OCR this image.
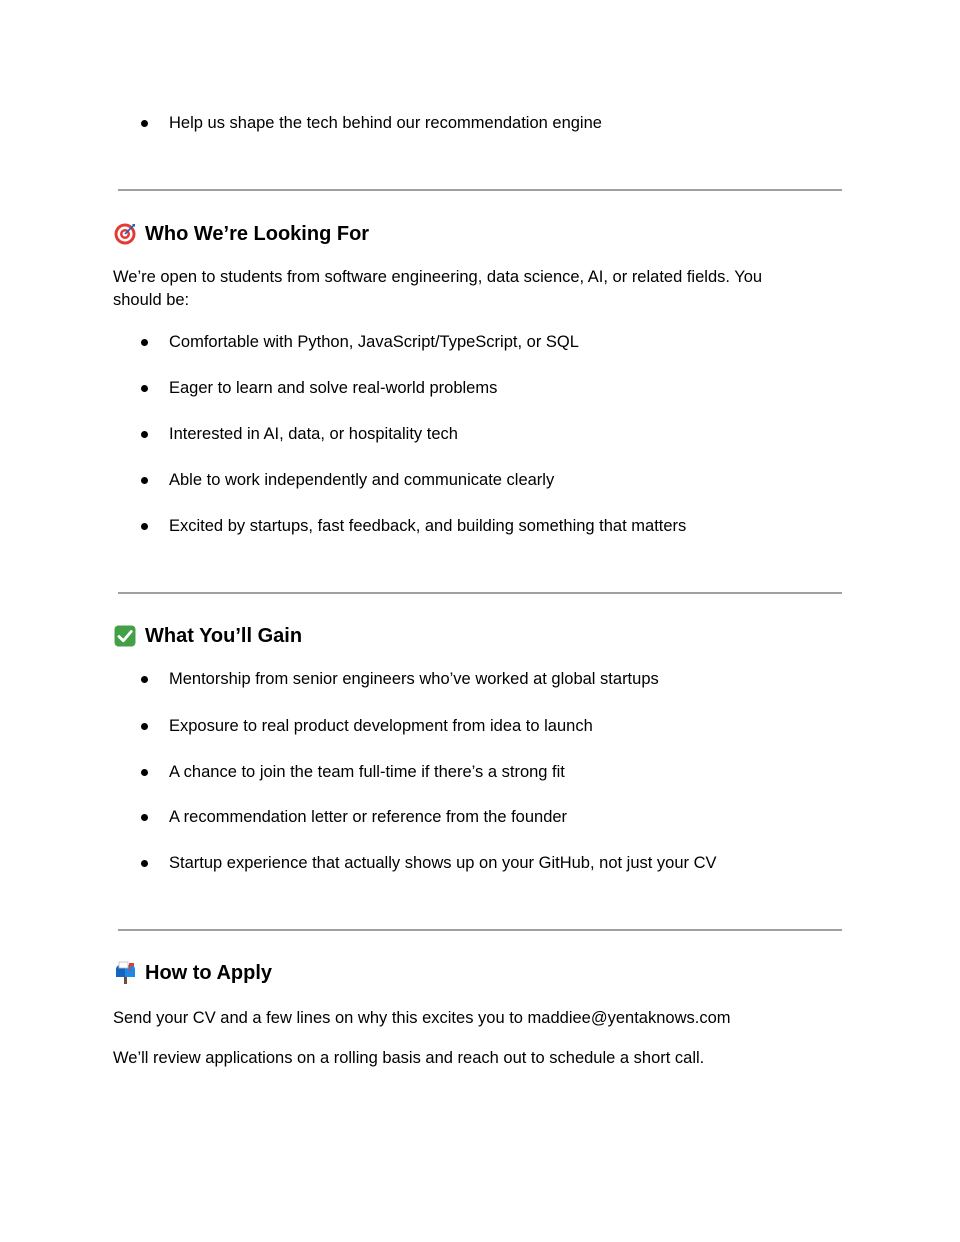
Help us shape the tech behind our recommendation engine
Who We’re Looking For
We’re open to students from software engineering, data science, AI, or related fields. You should be:
Comfortable with Python, JavaScript/TypeScript, or SQL
Eager to learn and solve real-world problems
Interested in AI, data, or hospitality tech
Able to work independently and communicate clearly
Excited by startups, fast feedback, and building something that matters
What You’ll Gain
Mentorship from senior engineers who’ve worked at global startups
Exposure to real product development from idea to launch
A chance to join the team full-time if there’s a strong fit
A recommendation letter or reference from the founder
Startup experience that actually shows up on your GitHub, not just your CV
How to Apply
Send your CV and a few lines on why this excites you to maddiee@yentaknows.com
We’ll review applications on a rolling basis and reach out to schedule a short call.
